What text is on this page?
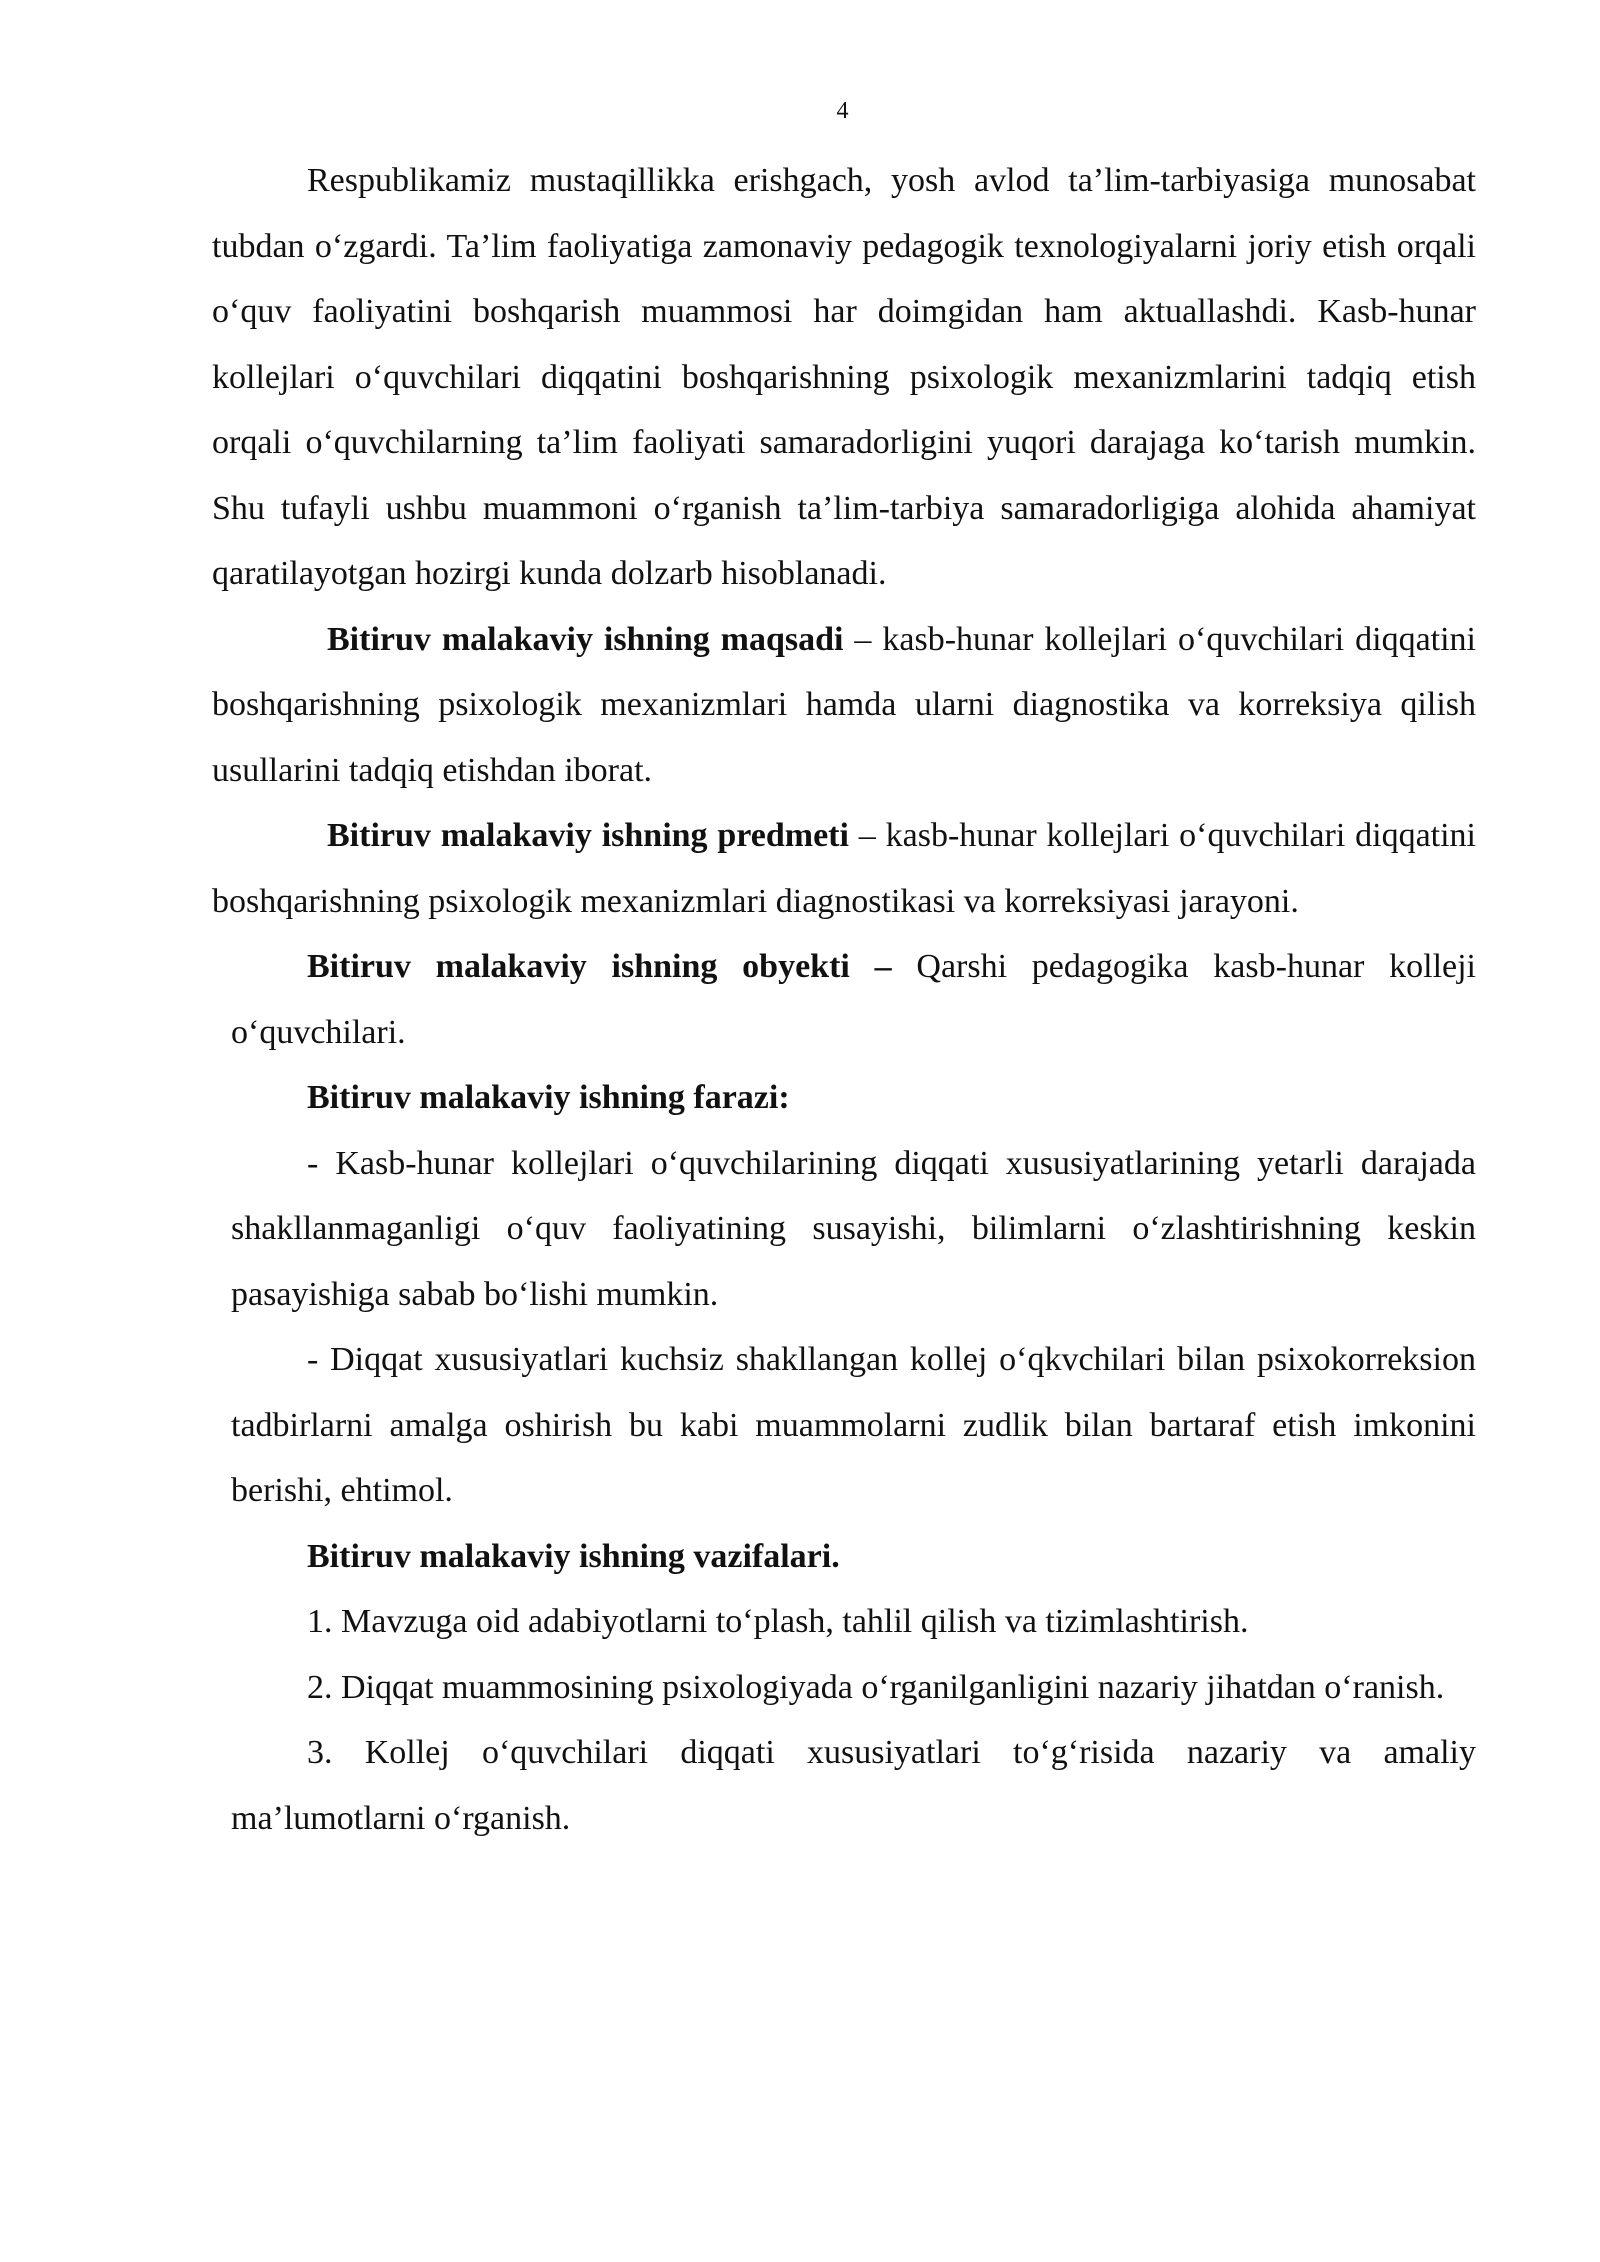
4

Respublikamiz mustaqillikka erishgach, yosh avlod ta’lim-tarbiyasiga munosabat tubdan o‘zgardi. Ta’lim faoliyatiga zamonaviy pedagogik texnologiyalarni joriy etish orqali o‘quv faoliyatini boshqarish muammosi har doimgidan ham aktuallashdi. Kasb-hunar kollejlari o‘quvchilari diqqatini boshqarishning psixologik mexanizmlarini tadqiq etish orqali o‘quvchilarning ta’lim faoliyati samaradorligini yuqori darajaga ko‘tarish mumkin. Shu tufayli ushbu muammoni o‘rganish ta’lim-tarbiya samaradorligiga alohida ahamiyat qaratilayotgan hozirgi kunda dolzarb hisoblanadi.

Bitiruv malakaviy ishning maqsadi – kasb-hunar kollejlari o‘quvchilari diqqatini boshqarishning psixologik mexanizmlari hamda ularni diagnostika va korreksiya qilish usullarini tadqiq etishdan iborat.

Bitiruv malakaviy ishning predmeti – kasb-hunar kollejlari o‘quvchilari diqqatini boshqarishning psixologik mexanizmlari diagnostikasi va korreksiyasi jarayoni.

Bitiruv malakaviy ishning obyekti – Qarshi pedagogika kasb-hunar kolleji o‘quvchilari.

Bitiruv malakaviy ishning farazi:

- Kasb-hunar kollejlari o‘quvchilarining diqqati xususiyatlarining yetarli darajada shakllanmaganligi o‘quv faoliyatining susayishi, bilimlarni o‘zlashtirishning keskin pasayishiga sabab bo‘lishi mumkin.

- Diqqat xususiyatlari kuchsiz shakllangan kollej o‘qkvchilari bilan psixokorreksion tadbirlarni amalga oshirish bu kabi muammolarni zudlik bilan bartaraf etish imkonini berishi, ehtimol.

Bitiruv malakaviy ishning vazifalari.

1. Mavzuga oid adabiyotlarni to‘plash, tahlil qilish va tizimlashtirish.

2. Diqqat muammosining psixologiyada o‘rganilganligini nazariy jihatdan o‘ranish.

3. Kollej o‘quvchilari diqqati xususiyatlari to‘g‘risida nazariy va amaliy ma’lumotlarni o‘rganish.
